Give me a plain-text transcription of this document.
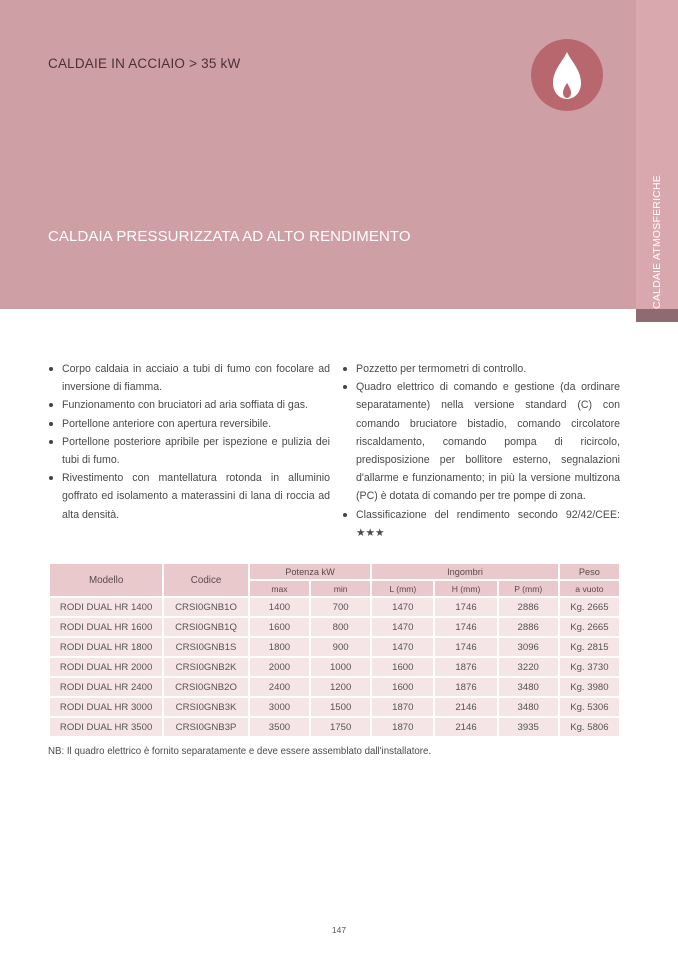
CALDAIE ATMOSFERICHE
CALDAIE IN ACCIAIO > 35 kW
CALDAIA PRESSURIZZATA AD ALTO RENDIMENTO
Corpo caldaia in acciaio a tubi di fumo con focolare ad inversione di fiamma.
Funzionamento con bruciatori ad aria soffiata di gas.
Portellone anteriore con apertura reversibile.
Portellone posteriore apribile per ispezione e pulizia dei tubi di fumo.
Rivestimento con mantellatura rotonda in alluminio goffrato ed isolamento a materassini di lana di roccia ad alta densità.
Pozzetto per termometri di controllo.
Quadro elettrico di comando e gestione (da ordinare separatamente) nella versione standard (C) con comando bruciatore bistadio, comando circolatore riscaldamento, comando pompa di ricircolo, predisposizione per bollitore esterno, segnalazioni d'allarme e funzionamento; in più la versione multizona (PC) è dotata di comando per tre pompe di zona.
Classificazione del rendimento secondo 92/42/CEE: ★★★
Modello	Codice	Potenza kW		Ingombri			Peso
		max	min	L (mm)	H (mm)	P (mm)	a vuoto
RODI DUAL HR 1400	CRSI0GNB1O	1400	700	1470	1746	2886	Kg. 2665
RODI DUAL HR 1600	CRSI0GNB1Q	1600	800	1470	1746	2886	Kg. 2665
RODI DUAL HR 1800	CRSI0GNB1S	1800	900	1470	1746	3096	Kg. 2815
RODI DUAL HR 2000	CRSI0GNB2K	2000	1000	1600	1876	3220	Kg. 3730
RODI DUAL HR 2400	CRSI0GNB2O	2400	1200	1600	1876	3480	Kg. 3980
RODI DUAL HR 3000	CRSI0GNB3K	3000	1500	1870	2146	3480	Kg. 5306
RODI DUAL HR 3500	CRSI0GNB3P	3500	1750	1870	2146	3935	Kg. 5806
NB: Il quadro elettrico è fornito separatamente e deve essere assemblato dall'installatore.
147
